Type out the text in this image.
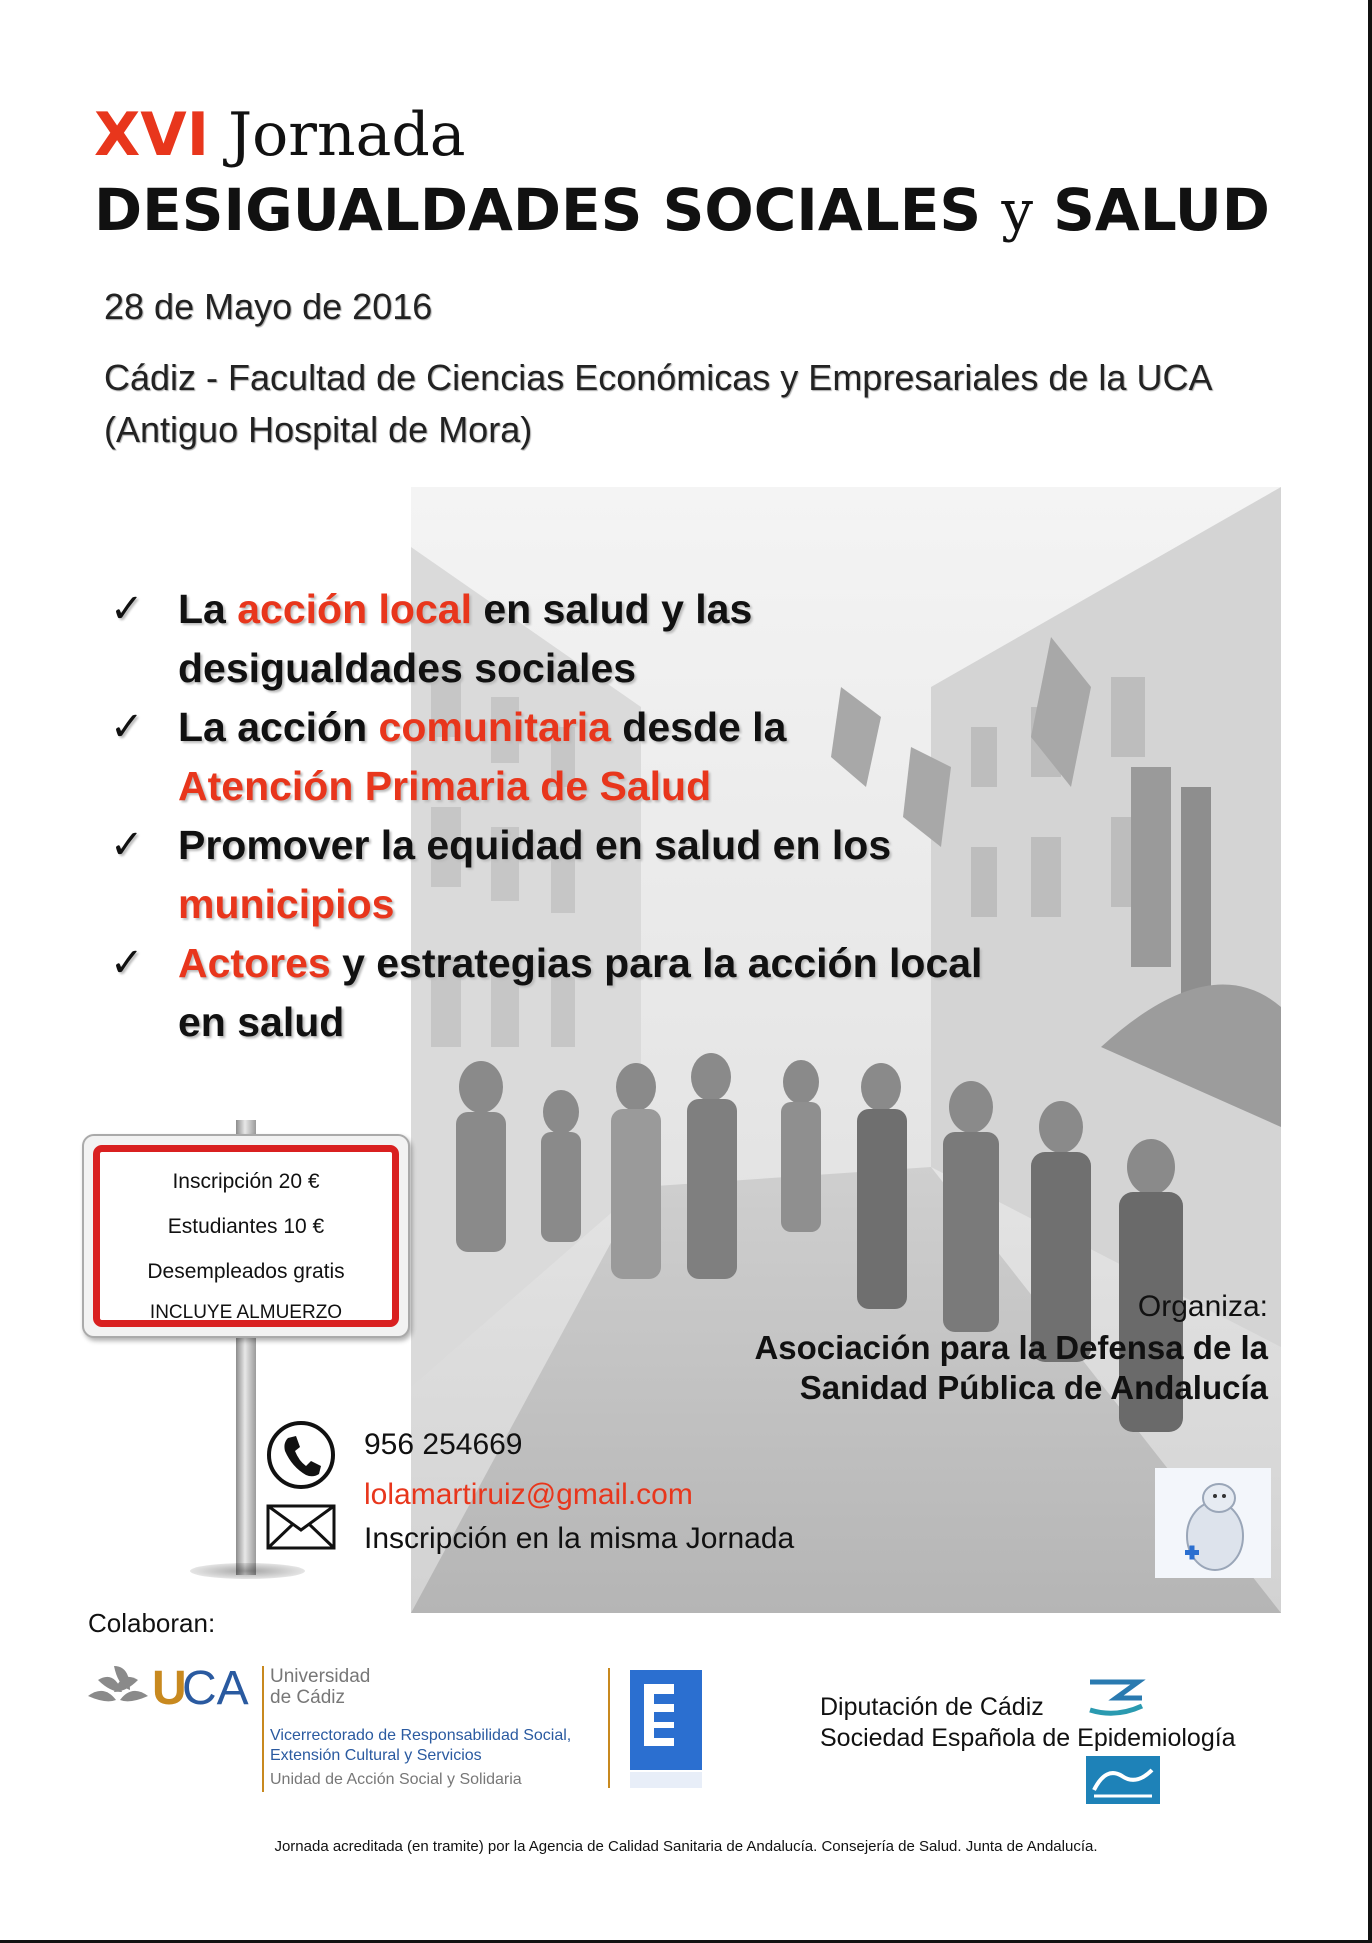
XVI Jornada
DESIGUALDADES SOCIALES y SALUD
28 de Mayo de 2016
Cádiz - Facultad de Ciencias Económicas y Empresariales de la UCA (Antiguo Hospital de Mora)
✓ La acción local en salud y las desigualdades sociales
✓ La acción comunitaria desde la
Atención Primaria de Salud
✓ Promover la equidad en salud en los municipios
✓ Actores y estrategias para la acción local en salud
Inscripción 20 €
Estudiantes 10 €
Desempleados gratis
INCLUYE ALMUERZO
956 254669
lolamartiruiz@gmail.com
Inscripción en la misma Jornada
Organiza:
Asociación para la Defensa de la Sanidad Pública de Andalucía
Colaboran:
U
CA Universidad
de Cádiz
Vicerrectorado de Responsabilidad Social,
Extensión Cultural y Servicios
Unidad de Acción Social y Solidaria
Diputación de Cádiz
Sociedad Española de Epidemiología
Jornada acreditada (en tramite) por la Agencia de Calidad Sanitaria de Andalucía. Consejería de Salud. Junta de Andalucía.
